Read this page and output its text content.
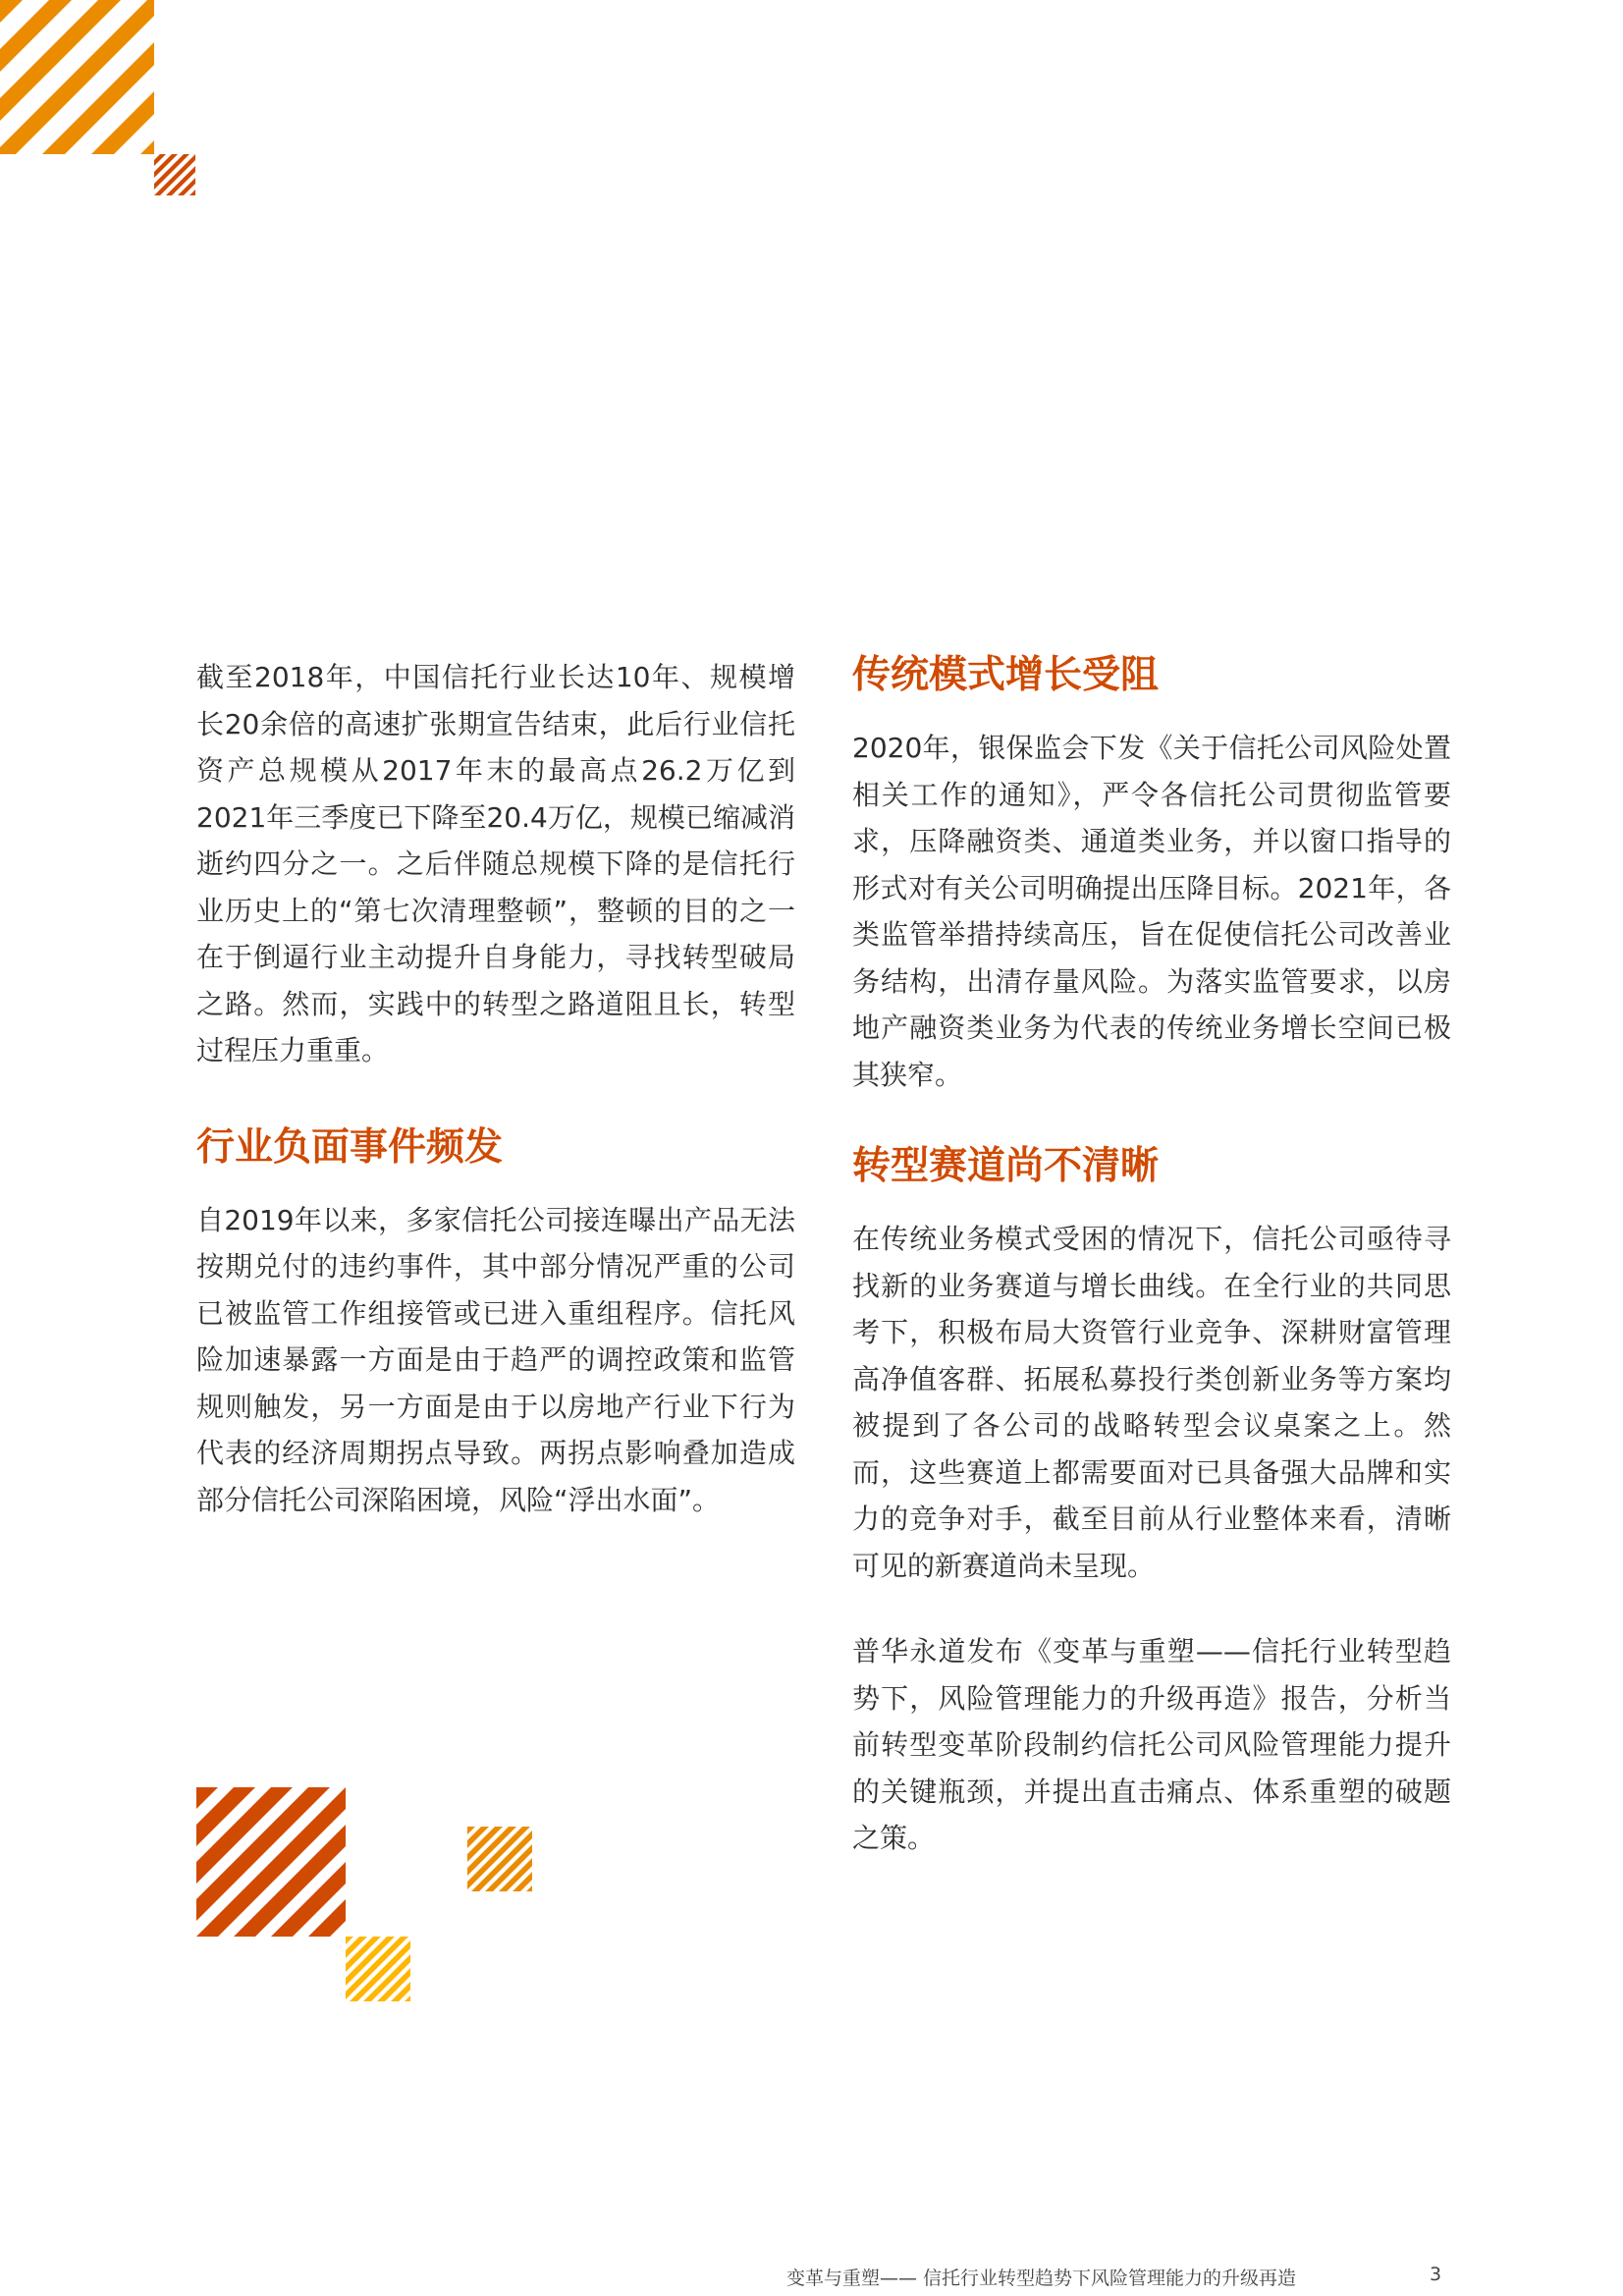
截至2018年，中国信托行业长达10年、规模增长20余倍的高速扩张期宣告结束，此后行业信托资产总规模从2017年末的最高点26.2万亿到2021年三季度已下降至20.4万亿，规模已缩减消逝约四分之一。之后伴随总规模下降的是信托行业历史上的“第七次清理整顿”，整顿的目的之一在于倒逼行业主动提升自身能力，寻找转型破局之路。然而，实践中的转型之路道阻且长，转型过程压力重重。

行业负面事件频发

自2019年以来，多家信托公司接连曝出产品无法按期兑付的违约事件，其中部分情况严重的公司已被监管工作组接管或已进入重组程序。信托风险加速暴露一方面是由于趋严的调控政策和监管规则触发，另一方面是由于以房地产行业下行为代表的经济周期拐点导致。两拐点影响叠加造成部分信托公司深陷困境，风险“浮出水面”。

传统模式增长受阻

2020年，银保监会下发《关于信托公司风险处置相关工作的通知》，严令各信托公司贯彻监管要求，压降融资类、通道类业务，并以窗口指导的形式对有关公司明确提出压降目标。2021年，各类监管举措持续高压，旨在促使信托公司改善业务结构，出清存量风险。为落实监管要求，以房地产融资类业务为代表的传统业务增长空间已极其狭窄。

转型赛道尚不清晰

在传统业务模式受困的情况下，信托公司亟待寻找新的业务赛道与增长曲线。在全行业的共同思考下，积极布局大资管行业竞争、深耕财富管理高净值客群、拓展私募投行类创新业务等方案均被提到了各公司的战略转型会议桌案之上。然而，这些赛道上都需要面对已具备强大品牌和实力的竞争对手，截至目前从行业整体来看，清晰可见的新赛道尚未呈现。

普华永道发布《变革与重塑——信托行业转型趋势下，风险管理能力的升级再造》报告，分析当前转型变革阶段制约信托公司风险管理能力提升的关键瓶颈，并提出直击痛点、体系重塑的破题之策。

变革与重塑—— 信托行业转型趋势下风险管理能力的升级再造	3
